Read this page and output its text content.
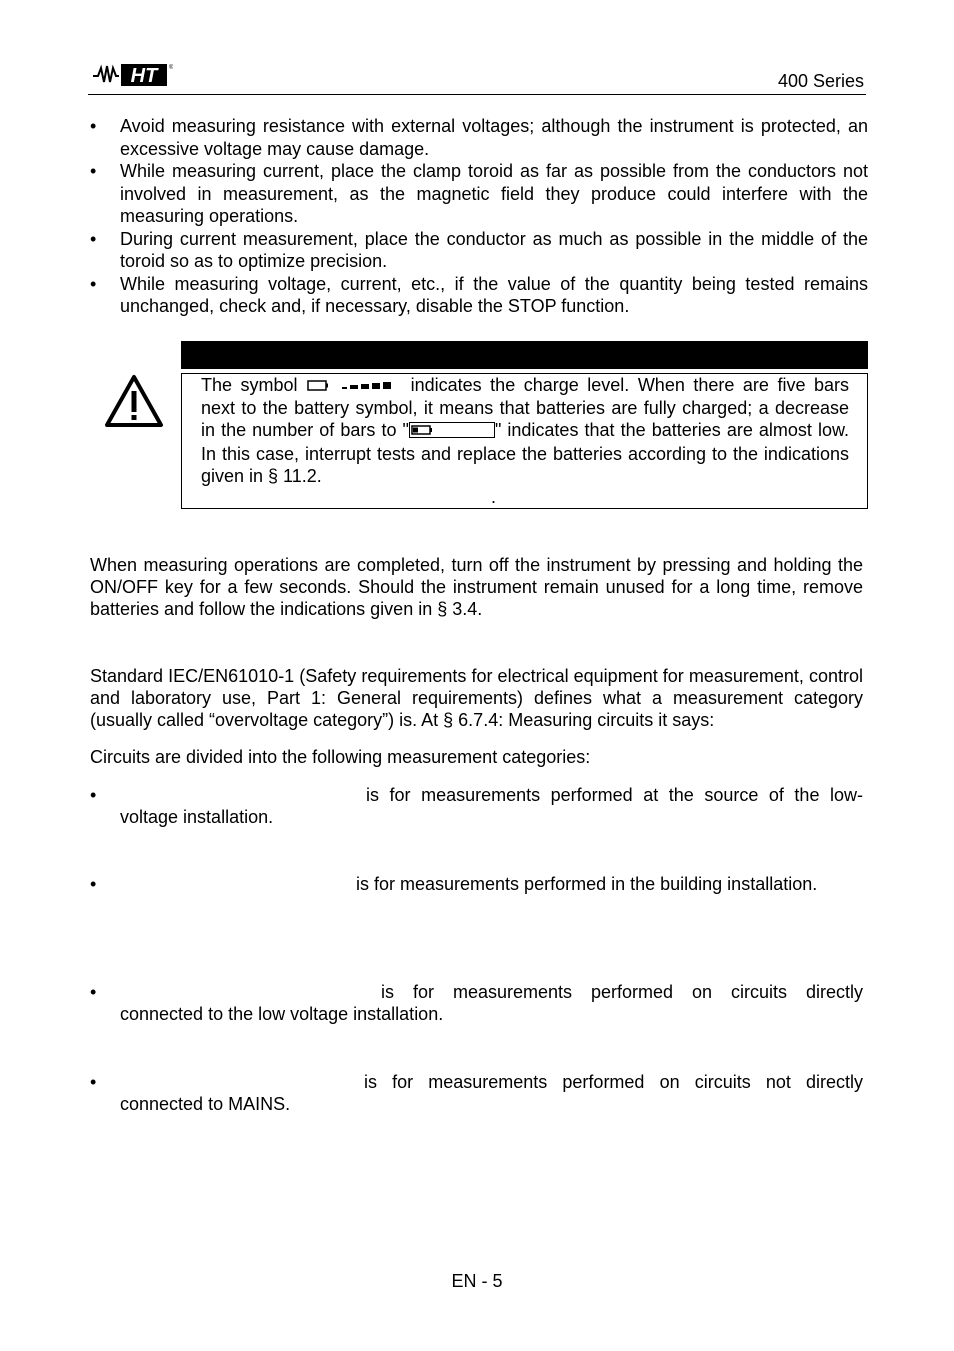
HT ®
400 Series
• Avoid measuring resistance with external voltages; although the instrument is protected, an excessive voltage may cause damage.
• While measuring current, place the clamp toroid as far as possible from the conductors not involved in measurement, as the magnetic field they produce could interfere with the measuring operations.
• During current measurement, place the conductor as much as possible in the middle of the toroid so as to optimize precision.
• While measuring voltage, current, etc., if the value of the quantity being tested remains unchanged, check and, if necessary, disable the STOP function.
The symbol	indicates the charge level. When there are five bars next to the battery symbol, it means that batteries are fully charged; a decrease in the number of bars to "	" indicates that the batteries are almost low. In this case, interrupt tests and replace the batteries according to the indications given in § 11.2.
.
When measuring operations are completed, turn off the instrument by pressing and holding the ON/OFF key for a few seconds. Should the instrument remain unused for a long time, remove batteries and follow the indications given in § 3.4.
Standard IEC/EN61010-1 (Safety requirements for electrical equipment for measurement, control and laboratory use, Part 1: General requirements) defines what a measurement category (usually called “overvoltage category”) is. At § 6.7.4: Measuring circuits it says:
Circuits are divided into the following measurement categories:
•	is for measurements performed at the source of the low-
voltage installation.
•	is for measurements performed in the building installation.
•	is for measurements performed on circuits directly
connected to the low voltage installation.
•	is for measurements performed on circuits not directly
connected to MAINS.
EN - 5
